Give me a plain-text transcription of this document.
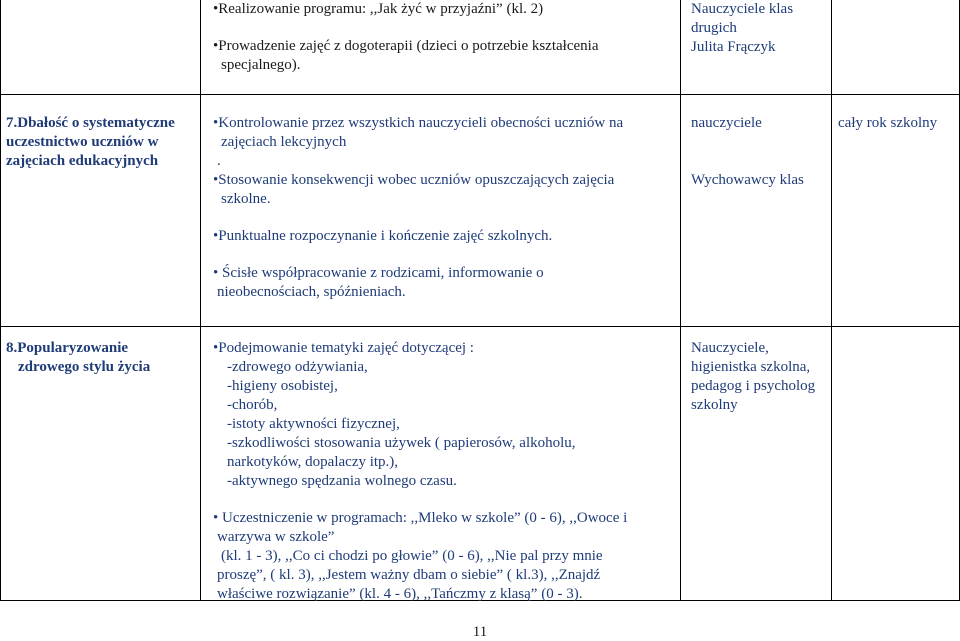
•Realizowanie programu: ,,Jak żyć w przyjaźni” (kl. 2)
•Prowadzenie zajęć z dogoterapii (dzieci o potrzebie kształcenia
specjalnego).
Nauczyciele klas
drugich
Julita Frączyk
7.Dbałość o systematyczne
uczestnictwo uczniów w
zajęciach edukacyjnych
•Kontrolowanie przez wszystkich nauczycieli obecności uczniów na
zajęciach lekcyjnych
.
•Stosowanie konsekwencji wobec uczniów opuszczających zajęcia
szkolne.
•Punktualne rozpoczynanie i kończenie zajęć szkolnych.
• Ścisłe współpracowanie z rodzicami, informowanie o
nieobecnościach, spóźnieniach.
nauczyciele
Wychowawcy klas
cały rok szkolny
8.Popularyzowanie
zdrowego stylu życia
•Podejmowanie tematyki zajęć dotyczącej :
-zdrowego odżywiania,
-higieny osobistej,
-chorób,
-istoty aktywności fizycznej,
-szkodliwości stosowania używek ( papierosów, alkoholu,
narkotyków, dopalaczy itp.),
-aktywnego spędzania wolnego czasu.
• Uczestniczenie w programach: ,,Mleko w szkole” (0 - 6), ,,Owoce i
warzywa w szkole”
(kl. 1 - 3), ,,Co ci chodzi po głowie” (0 - 6), ,,Nie pal przy mnie
proszę”, ( kl. 3), ,,Jestem ważny dbam o siebie” ( kl.3), ,,Znajdź
właściwe rozwiązanie” (kl. 4 - 6), ,,Tańczmy z klasą” (0 - 3).
Nauczyciele,
higienistka szkolna,
pedagog i psycholog
szkolny
11
